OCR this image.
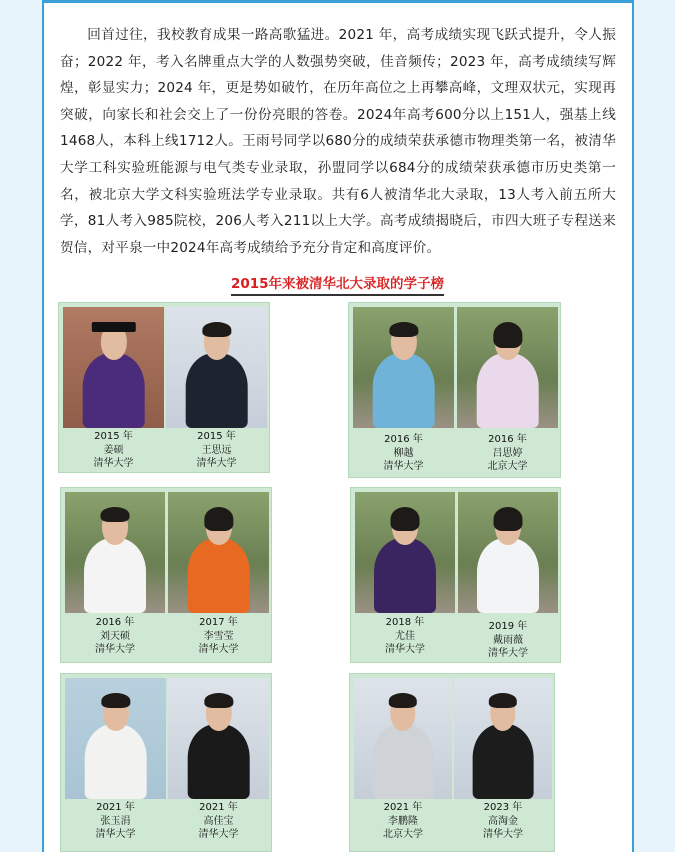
回首过往，我校教育成果一路高歌猛进。2021 年，高考成绩实现飞跃式提升，令人振奋；2022 年，考入名牌重点大学的人数强势突破，佳音频传；2023 年，高考成绩续写辉煌，彰显实力；2024 年，更是势如破竹，在历年高位之上再攀高峰，文理双状元，实现再突破，向家长和社会交上了一份份亮眼的答卷。2024年高考600分以上151人，强基上线1468人，本科上线1712人。王雨号同学以680分的成绩荣获承德市物理类第一名，被清华大学工科实验班能源与电气类专业录取，孙盟同学以684分的成绩荣获承德市历史类第一名，被北京大学文科实验班法学专业录取。共有6人被清华北大录取，13人考入前五所大学，81人考入985院校，206人考入211以上大学。高考成绩揭晓后，市四大班子专程送来贺信，对平泉一中2024年高考成绩给予充分肯定和高度评价。

2015年来被清华北大录取的学子榜
2015 年
姜硕
清华大学
2015 年
王思远
清华大学
2016 年
柳越
清华大学
2016 年
吕思婷
北京大学
2016 年
刘天硕
清华大学
2017 年
李雪莹
清华大学
2018 年
尤佳
清华大学
2019 年
戴雨薇
清华大学
2021 年
张玉涓
清华大学
2021 年
高佳宝
清华大学
2021 年
李鹏隆
北京大学
2023 年
高淘金
清华大学
